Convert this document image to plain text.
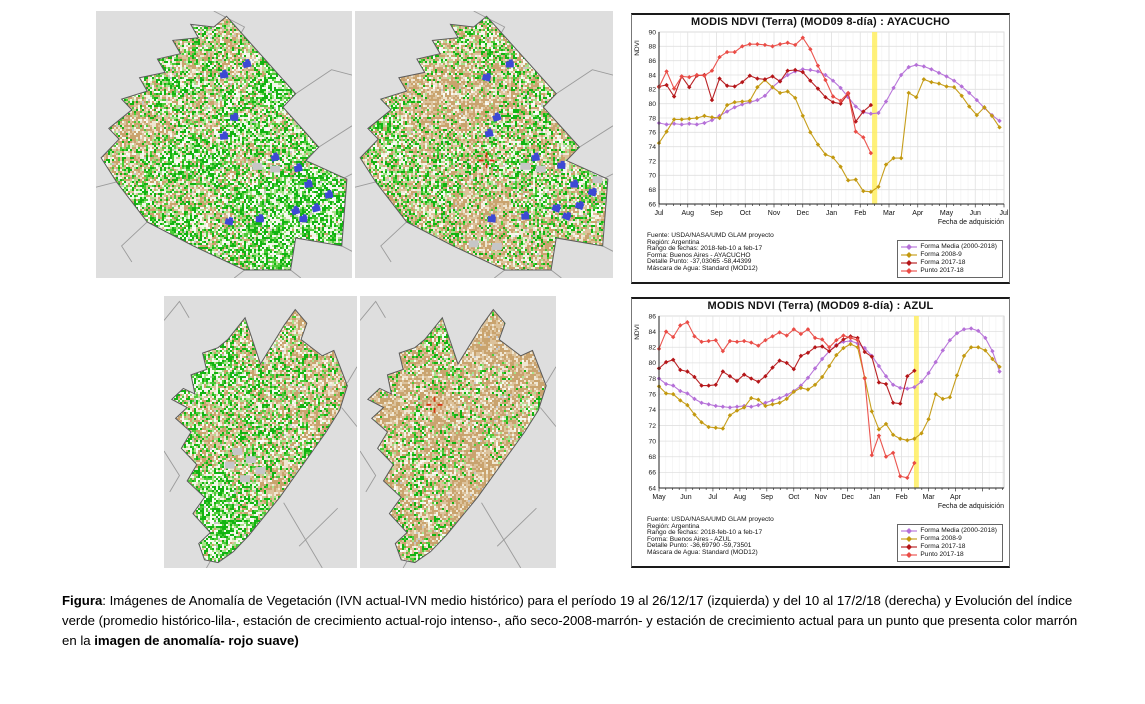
MODIS NDVI (Terra) (MOD09 8-día) : AYACUCHO
66
68
70
72
74
76
78
80
82
84
86
88
90
Jul	Aug Sep Oct Nov Dec Jan Feb Mar Apr May Jun	Jul
Fecha de adquisición
NDVI
Fuente: USDA/NASA/UMD GLAM proyecto
Región: Argentina
Rango de fechas: 2018-feb-10 a feb-17
Forma: Buenos Aires - AYACUCHO
Detalle Punto: -37,03065 -58,44399
Máscara de Agua: Standard (MOD12)
Forma Media (2000-2018)
Forma 2008-9
Forma 2017-18
Punto 2017-18
MODIS NDVI (Terra) (MOD09 8-día) : AZUL
64
66
68
70
72
74
76
78
80
82
84
86
May Jun Jul Aug Sep Oct Nov Dec Jan Feb Mar Apr
Fecha de adquisición
NDVI
Fuente: USDA/NASA/UMD GLAM proyecto
Región: Argentina
Rango de fechas: 2018-feb-10 a feb-17
Forma: Buenos Aires - AZUL
Detalle Punto: -36,69790 -59,73501
Máscara de Agua: Standard (MOD12)
Forma Media (2000-2018)
Forma 2008-9
Forma 2017-18
Punto 2017-18
Figura: Imágenes de Anomalía de Vegetación (IVN actual-IVN medio histórico) para el período 19 al 26/12/17 (izquierda) y del 10 al 17/2/18 (derecha) y Evolución del índice verde (promedio histórico-lila-, estación de crecimiento actual-rojo intenso-, año seco-2008-marrón- y estación de crecimiento actual para un punto que presenta color marrón en la imagen de anomalía- rojo suave)
